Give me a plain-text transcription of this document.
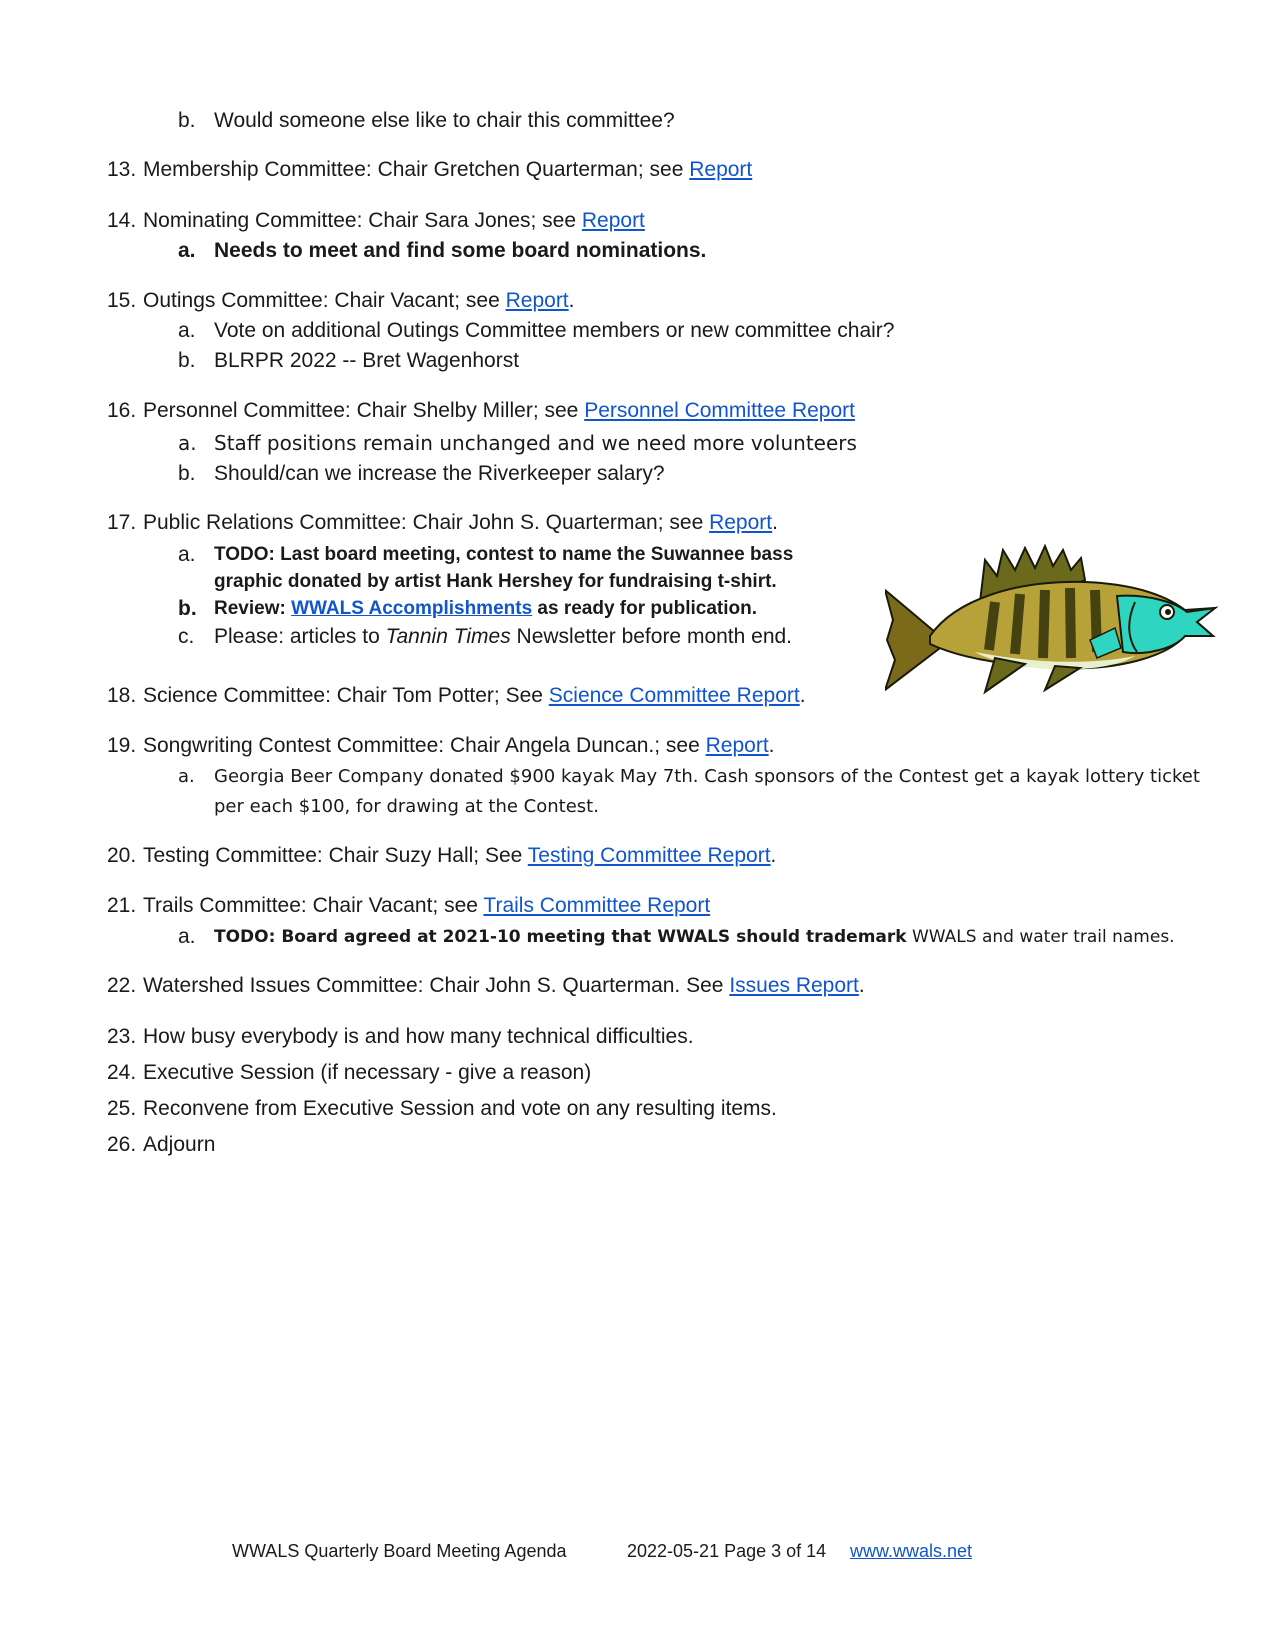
b. Would someone else like to chair this committee?
13. Membership Committee: Chair Gretchen Quarterman; see Report
14. Nominating Committee: Chair Sara Jones; see Report
a. Needs to meet and find some board nominations.
15. Outings Committee: Chair Vacant; see Report.
a. Vote on additional Outings Committee members or new committee chair?
b. BLRPR 2022 -- Bret Wagenhorst
16. Personnel Committee: Chair Shelby Miller; see Personnel Committee Report
a. Staff positions remain unchanged and we need more volunteers
b. Should/can we increase the Riverkeeper salary?
17. Public Relations Committee: Chair John S. Quarterman; see Report.
a. TODO: Last board meeting, contest to name the Suwannee bass
graphic donated by artist Hank Hershey for fundraising t-shirt.
b. Review: WWALS Accomplishments as ready for publication.
c. Please: articles to Tannin Times Newsletter before month end.
18. Science Committee: Chair Tom Potter; See Science Committee Report.
19. Songwriting Contest Committee: Chair Angela Duncan.; see Report.
a. Georgia Beer Company donated $900 kayak May 7th. Cash sponsors of the Contest get a kayak lottery ticket
per each $100, for drawing at the Contest.
20. Testing Committee: Chair Suzy Hall; See Testing Committee Report.
21. Trails Committee: Chair Vacant; see Trails Committee Report
a. TODO: Board agreed at 2021-10 meeting that WWALS should trademark WWALS and water trail names.
22. Watershed Issues Committee: Chair John S. Quarterman. See Issues Report.
23. How busy everybody is and how many technical difficulties.
24. Executive Session (if necessary - give a reason)
25. Reconvene from Executive Session and vote on any resulting items.
26. Adjourn
WWALS Quarterly Board Meeting Agenda	2022-05-21 Page 3 of 14 www.wwals.net
